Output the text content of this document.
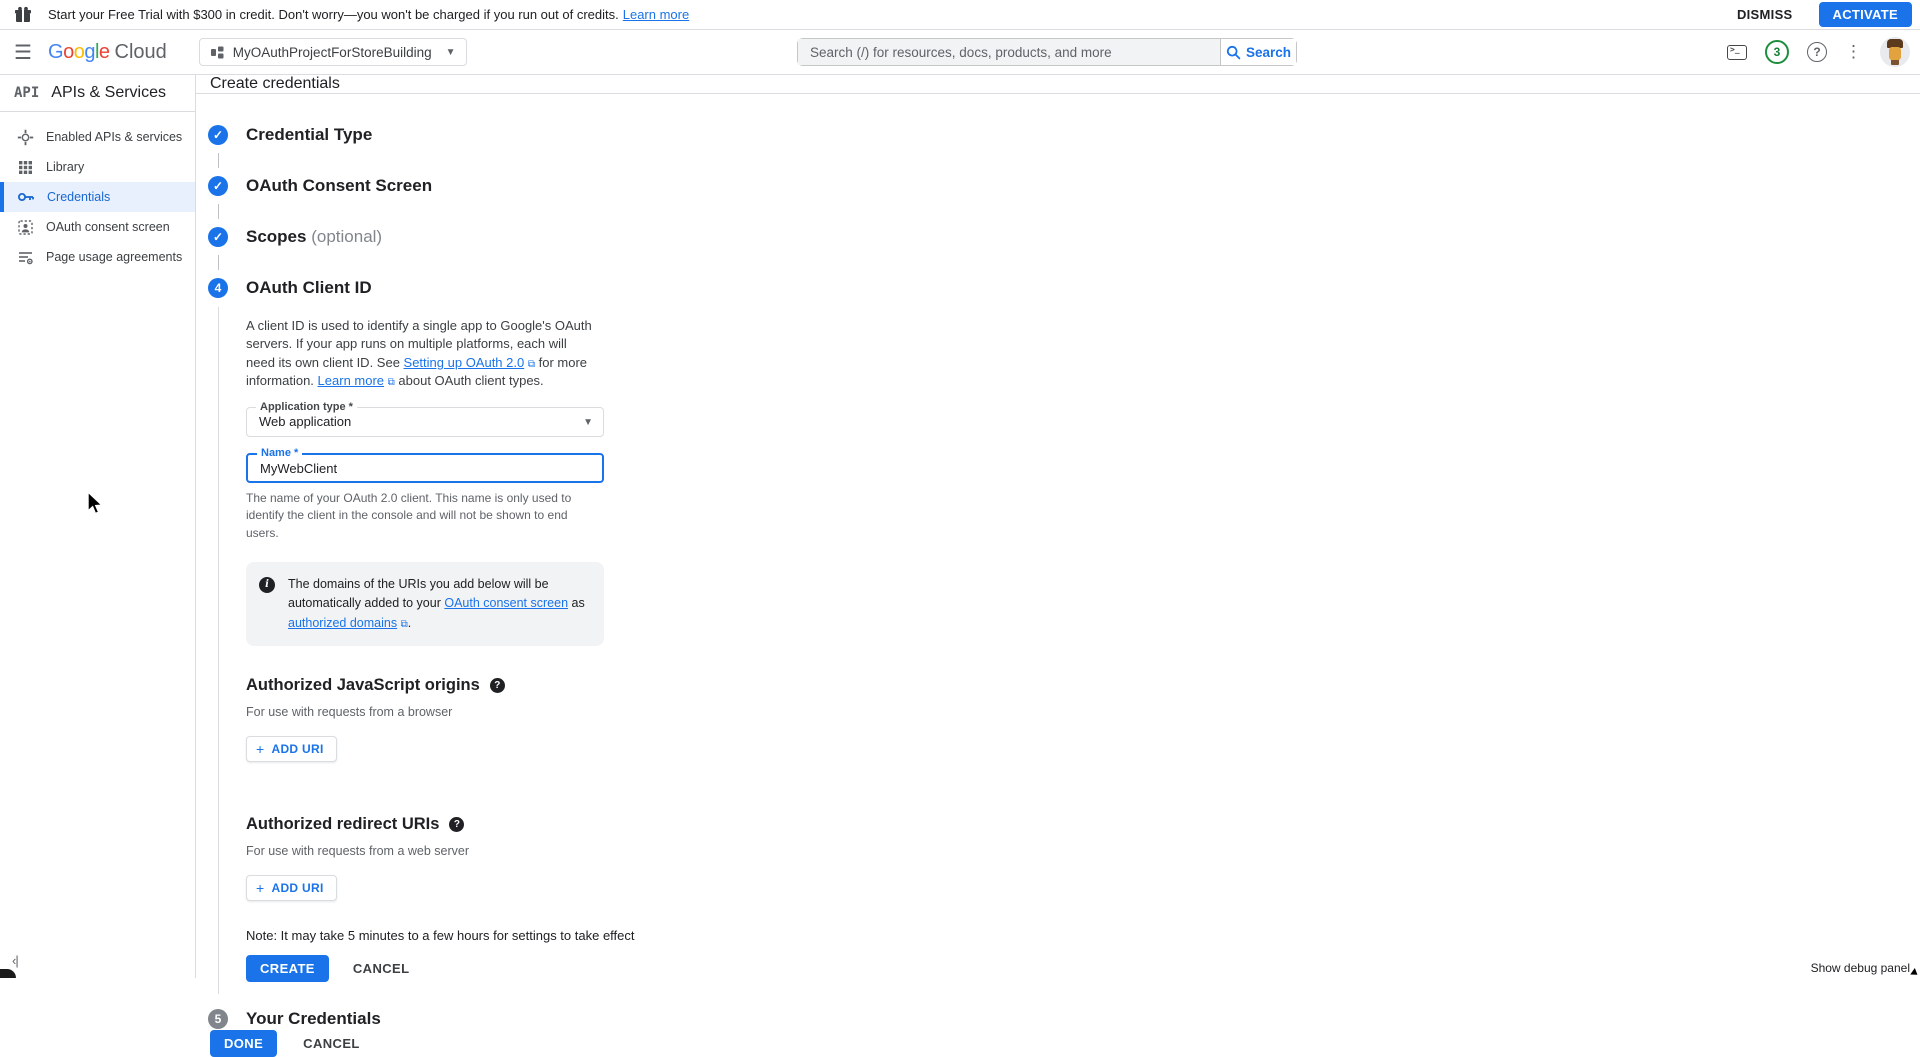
Start your Free Trial with $300 in credit. Don't worry—you won't be charged if you run out of credits. Learn more	DISMISS	ACTIVATE
☰ Google Cloud	MyOAuthProjectForStoreBuilding ▼	Search (/) for resources, docs, products, and more	Search >_	3 ?	⋮
API APIs & Services
Enabled APIs & services
Library
Credentials
OAuth consent screen
Page usage agreements
‹|
Create credentials
✓ Credential Type
✓ OAuth Consent Screen
✓ Scopes (optional)
4	OAuth Client ID

A client ID is used to identify a single app to Google's OAuth servers. If your app runs on multiple platforms, each will need its own client ID. See Setting up OAuth 2.0 ⧉ for more information. Learn more ⧉ about OAuth client types.

Application type *
Web application	▼
Name *
MyWebClient

The name of your OAuth 2.0 client. This name is only used to identify the client in the console and will not be shown to end users.

i	The domains of the URIs you add below will be automatically added to your OAuth consent screen as authorized domains ⧉.
Authorized JavaScript origins	?

For use with requests from a browser

+ ADD URI
Authorized redirect URIs	?

For use with requests from a web server

+ ADD URI

Note: It may take 5 minutes to a few hours for settings to take effect

CREATE	CANCEL
5	Your Credentials
DONE	CANCEL
Show debug panel
